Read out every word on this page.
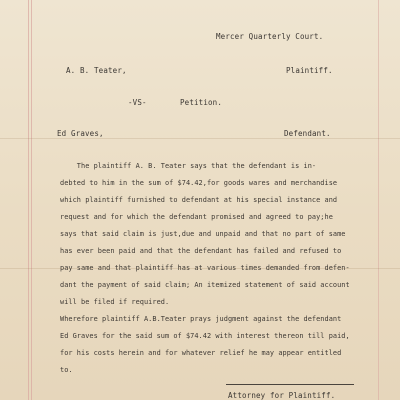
Mercer Quarterly Court.
A. B. Teater,	Plaintiff.
-VS-	Petition.
Ed Graves,	Defendant.
The plaintiff A. B. Teater says that the defendant is in-
debted to him in the sum of $74.42,for goods wares and merchandise
which plaintiff furnished to defendant at his special instance and
request and for which the defendant promised and agreed to pay;he
says that said claim is just,due and unpaid and that no part of same
has ever been paid and that the defendant has failed and refused to
pay same and that plaintiff has at various times demanded from defen-
dant the payment of said claim; An itemized statement of said account
will be filed if required.
Wherefore plaintiff A.B.Teater prays judgment against the defendant
Ed Graves for the said sum of $74.42 with interest thereon till paid,
for his costs herein and for whatever relief he may appear entitled
to.
Attorney for Plaintiff.
